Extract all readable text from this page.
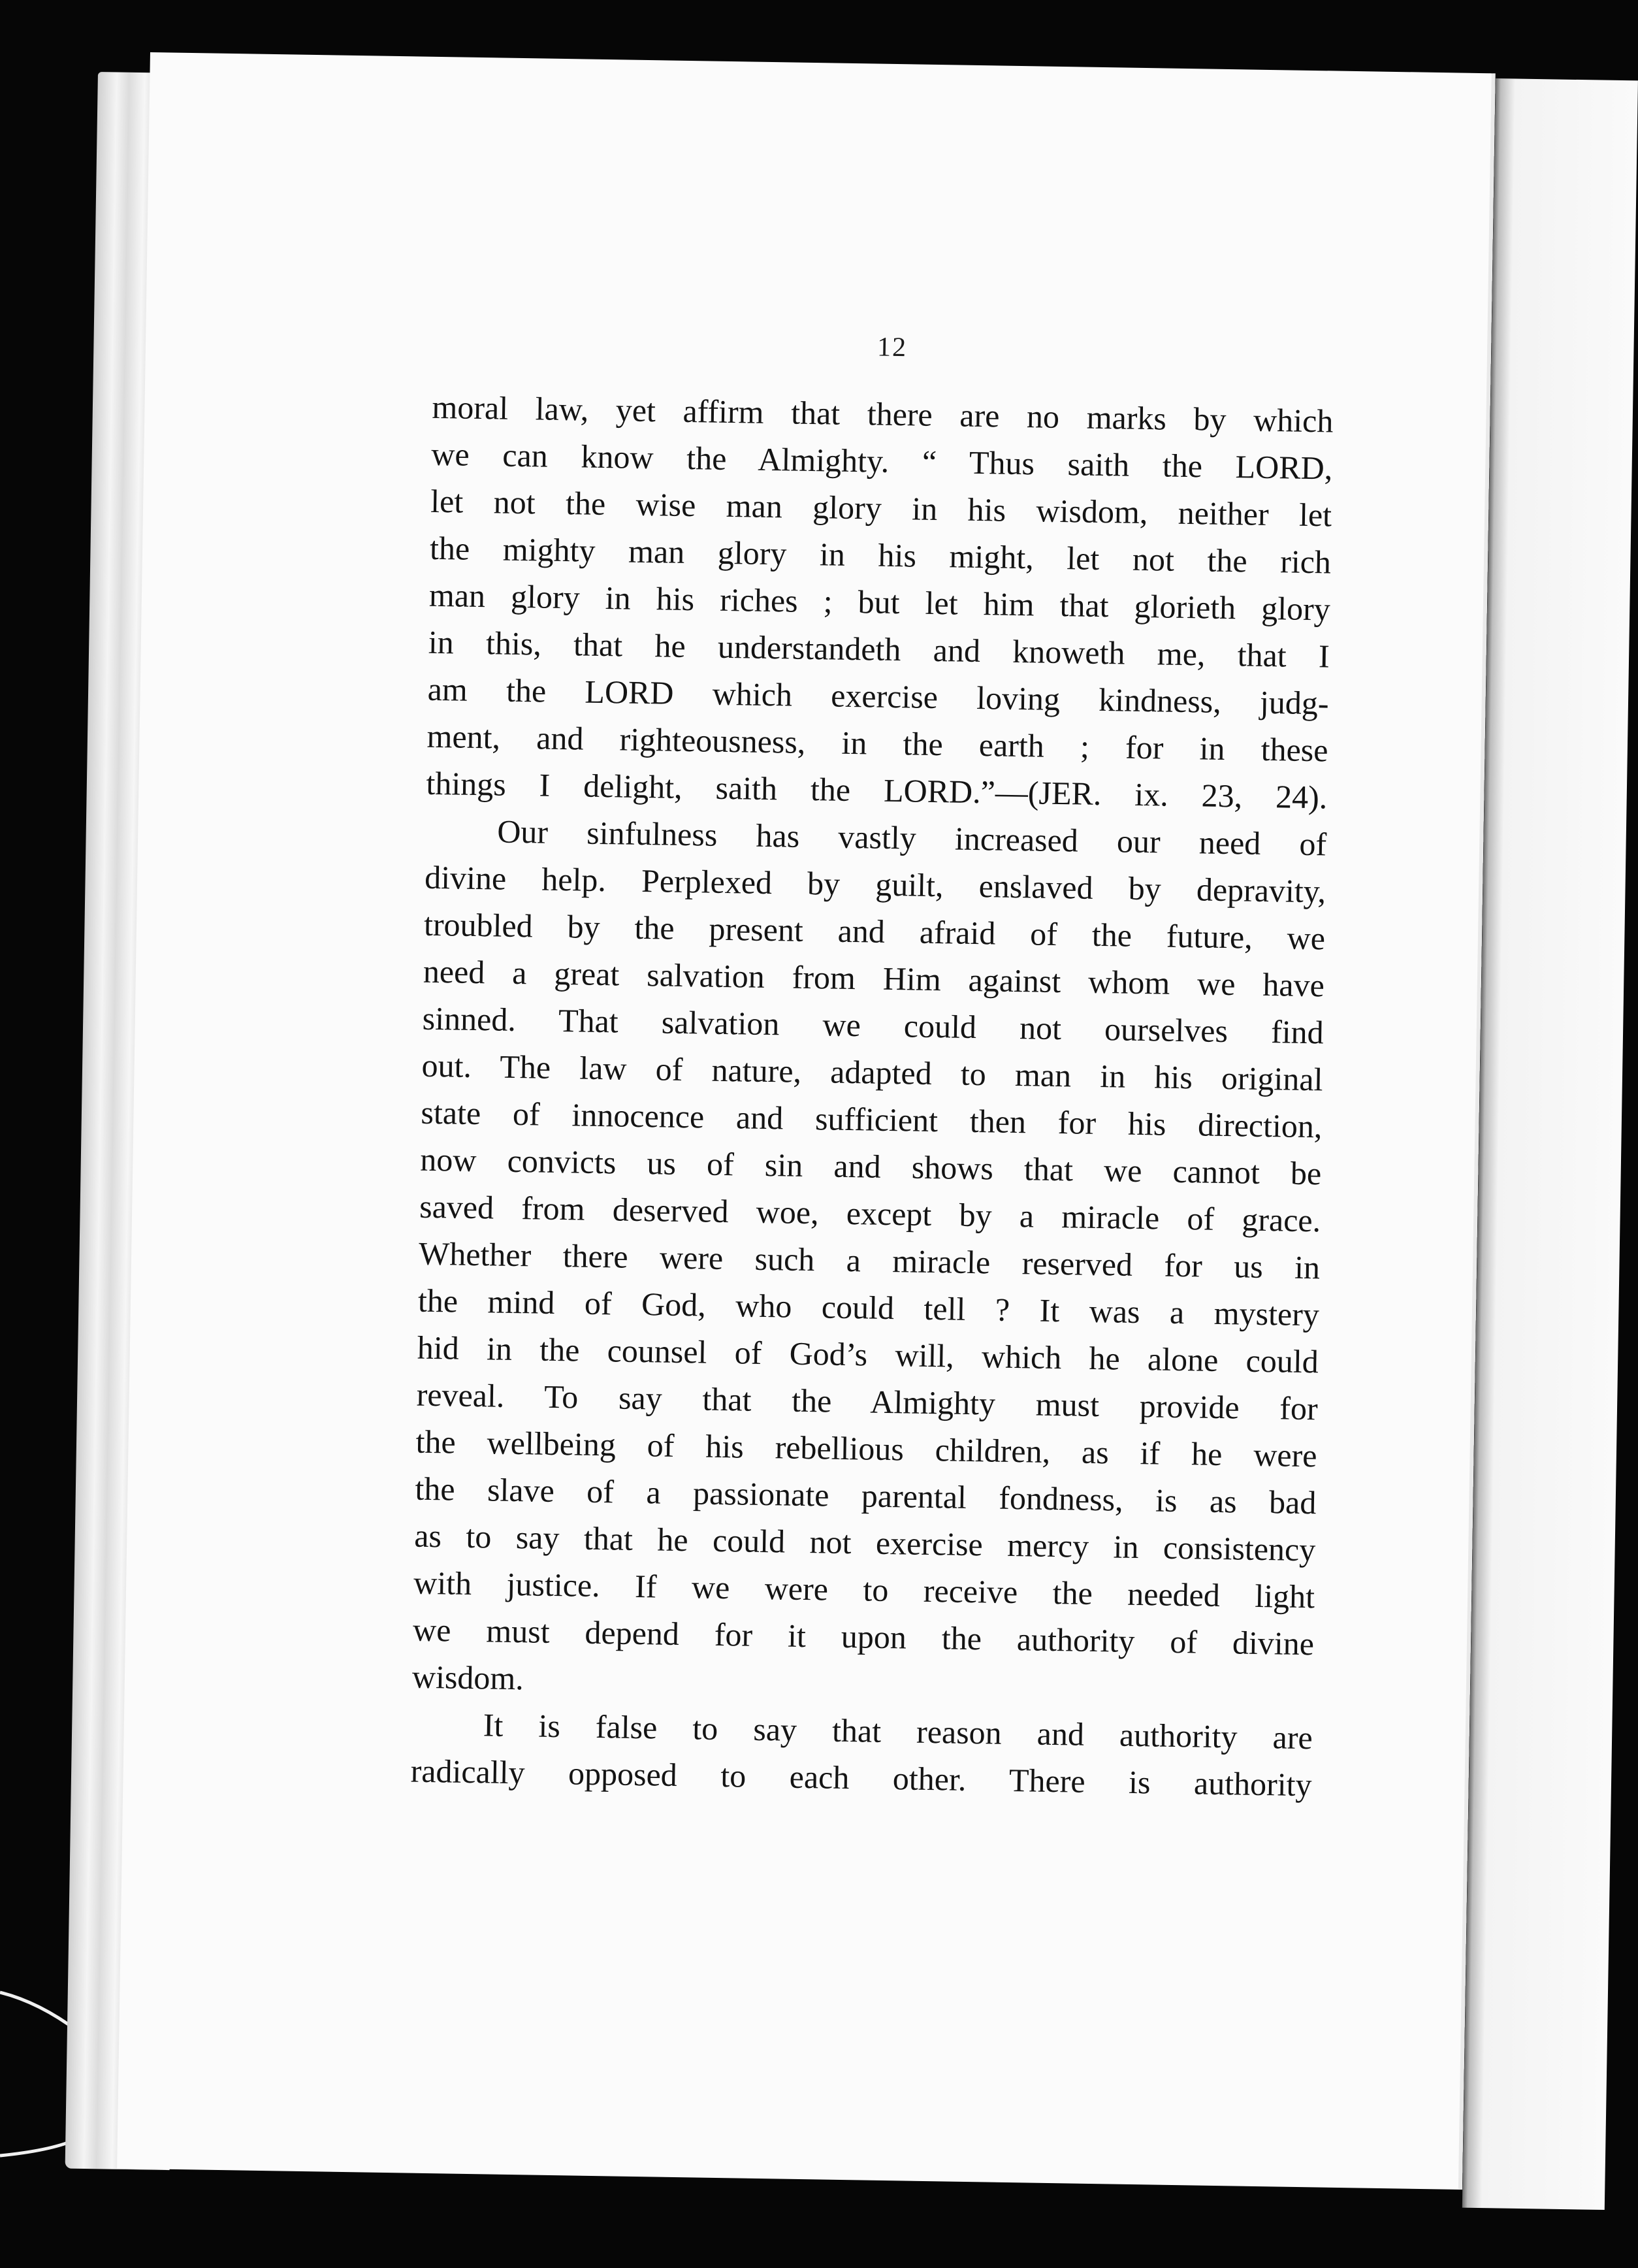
12

moral law, yet affirm that there are no marks by which
we can know the Almighty. “ Thus saith the LORD,
let not the wise man glory in his wisdom, neither let
the mighty man glory in his might, let not the rich
man glory in his riches ; but let him that glorieth glory
in this, that he understandeth and knoweth me, that I
am the LORD which exercise loving kindness, judg-
ment, and righteousness, in the earth ; for in these
things I delight, saith the LORD.”—(JER. ix. 23, 24).

Our sinfulness has vastly increased our need of
divine help. Perplexed by guilt, enslaved by depravity,
troubled by the present and afraid of the future, we
need a great salvation from Him against whom we have
sinned. That salvation we could not ourselves find
out. The law of nature, adapted to man in his original
state of innocence and sufficient then for his direction,
now convicts us of sin and shows that we cannot be
saved from deserved woe, except by a miracle of grace.
Whether there were such a miracle reserved for us in
the mind of God, who could tell ? It was a mystery
hid in the counsel of God’s will, which he alone could
reveal. To say that the Almighty must provide for
the wellbeing of his rebellious children, as if he were
the slave of a passionate parental fondness, is as bad
as to say that he could not exercise mercy in consistency
with justice. If we were to receive the needed light
we must depend for it upon the authority of divine
wisdom.

It is false to say that reason and authority are
radically opposed to each other. There is authority
